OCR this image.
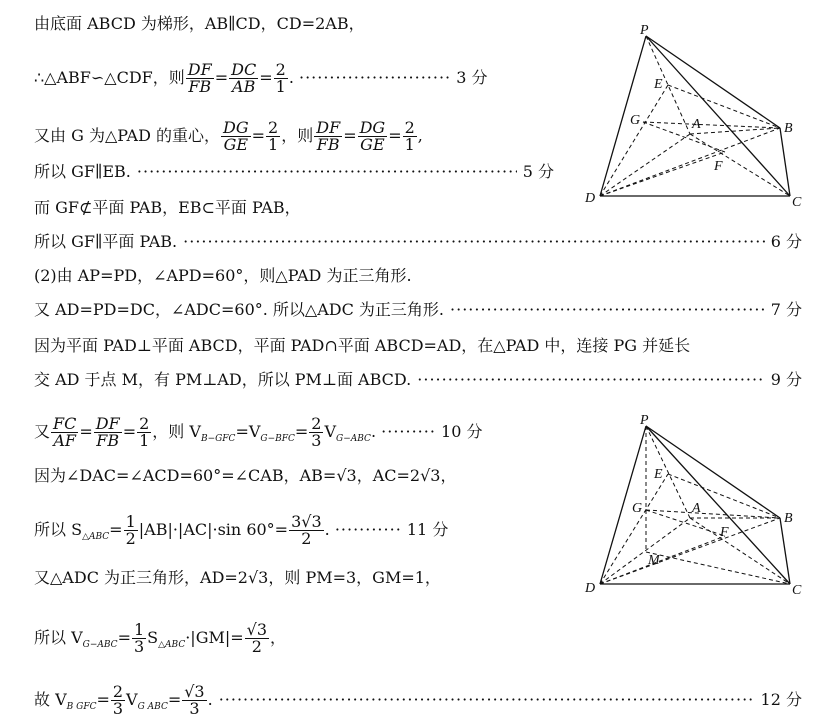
由底面 ABCD 为梯形，AB∥CD，CD=2AB，
∴△ABF∽△CDF，则 $\frac{DF}{FB} = \frac{DC}{AB} = \frac{2}{1}$ . ························· 3 分
又由 G 为△PAD 的重心， $\frac{DG}{GE} = \frac{2}{1}$ ，则 $\frac{DF}{FB} = \frac{DG}{GE} = \frac{2}{1}$ ,
所以 GF∥EB. ·····	5 分
而 GF⊄平面 PAB，EB⊂平面 PAB，
所以 GF∥平面 PAB. ·····	6 分
(2)由 AP=PD，∠APD=60°，则△PAD 为正三角形.
又 AD=PD=DC，∠ADC=60°. 所以△ADC 为正三角形. ·····	7 分
因为平面 PAD⊥平面 ABCD，平面 PAD∩平面 ABCD=AD，在△PAD 中，连接 PG 并延长
交 AD 于点 M，有 PM⊥AD，所以 PM⊥面 ABCD. ·····	9 分
又 $\frac{FC}{AF} = \frac{DF}{FB} = \frac{2}{1}$ ，则 $V_{B-GFC}=V_{G-BFC}= \frac{2}{3} V_{G-ABC}$. ········· 10 分
因为∠DAC=∠ACD=60°=∠CAB，AB=√3，AC=2√3，
所以 $S_{\triangle ABC}= \frac{1}{2} |AB|\cdot|AC|\cdot\sin$ $60^\circ= \frac{3√3}{2}$ . ··········· 11 分
又△ADC 为正三角形，AD=2√3，则 PM=3，GM=1，
所以 $V_{G-ABC}= \frac{1}{3} S_{\triangle ABC}\cdot|GM|= \frac{√3}{2}$ ，
故 $V_{B GFC}= \frac{2}{3} V_{G ABC}= \frac{√3}{3}$ . ·····	12 分
P
E
G	A	B
F
D	C
P
E
G	A
B
F
M
D	C
